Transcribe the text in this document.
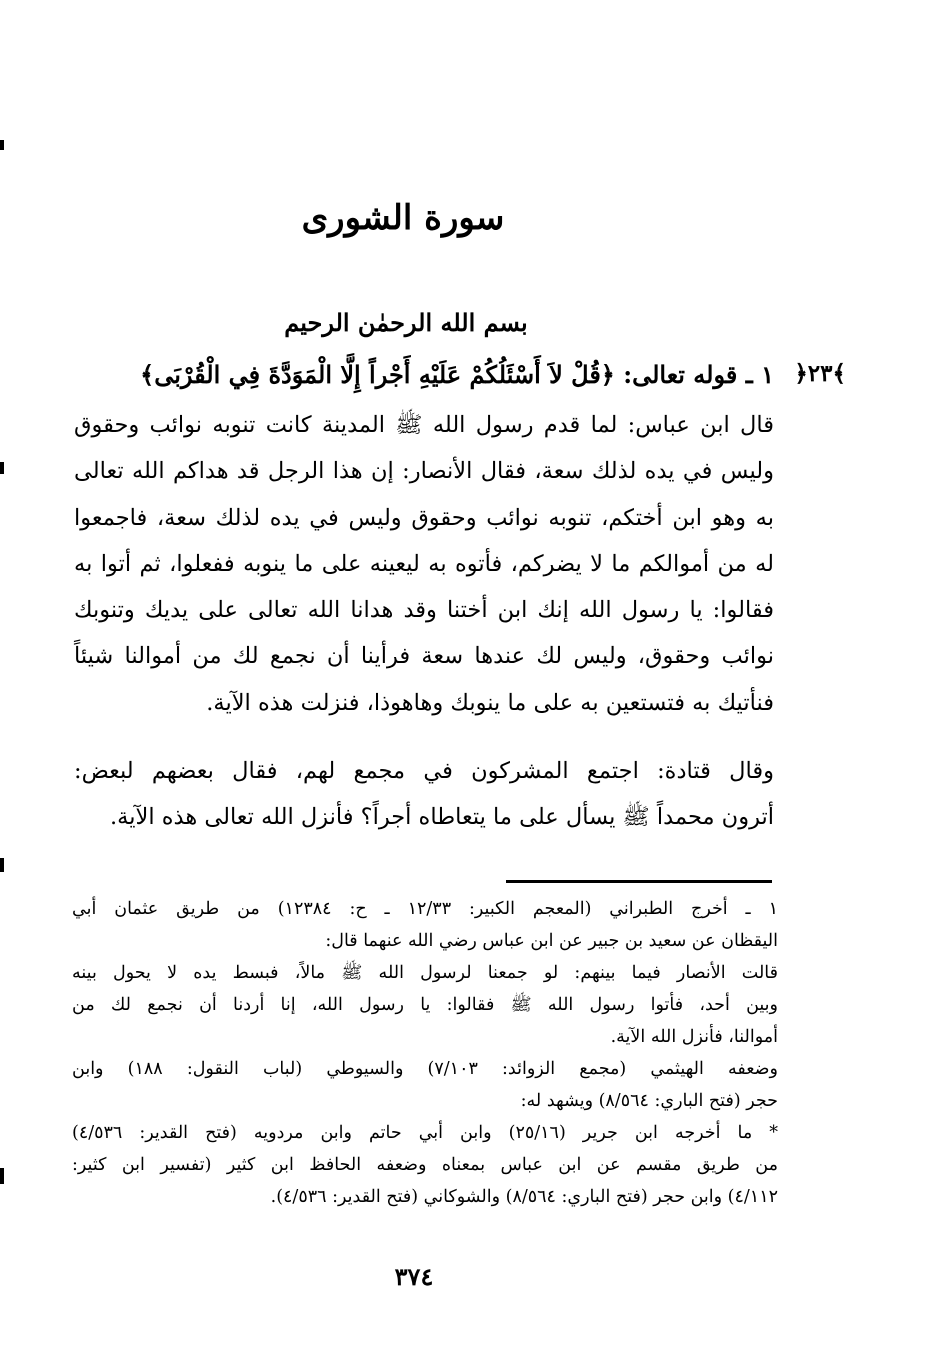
سورة الشورى
بسم الله الرحمٰن الرحيم
﴿٢٣﴾
١ ـ قوله تعالى: ﴿قُلْ لاَ أَسْئَلُكُمْ عَلَيْهِ أَجْراً إِلَّا الْمَوَدَّةَ فِي الْقُرْبَى﴾
قال ابن عباس: لما قدم رسول الله ﷺ المدينة كانت تنوبه نوائب وحقوق
وليس في يده لذلك سعة، فقال الأنصار: إن هذا الرجل قد هداكم الله تعالى
به وهو ابن أختكم، تنوبه نوائب وحقوق وليس في يده لذلك سعة، فاجمعوا
له من أموالكم ما لا يضركم، فأتوه به ليعينه على ما ينوبه ففعلوا، ثم أتوا به
فقالوا: يا رسول الله إنك ابن أختنا وقد هدانا الله تعالى على يديك وتنوبك
نوائب وحقوق، وليس لك عندها سعة فرأينا أن نجمع لك من أموالنا شيئاً
فنأتيك به فتستعين به على ما ينوبك وهاهوذا، فنزلت هذه الآية.
وقال قتادة: اجتمع المشركون في مجمع لهم، فقال بعضهم لبعض:
أترون محمداً ﷺ يسأل على ما يتعاطاه أجراً؟ فأنزل الله تعالى هذه الآية.
١ ـ أخرج الطبراني (المعجم الكبير: ١٢/٣٣ ـ ح: ١٢٣٨٤) من طريق عثمان أبي
اليقظان عن سعيد بن جبير عن ابن عباس رضي الله عنهما قال:
قالت الأنصار فيما بينهم: لو جمعنا لرسول الله ﷺ مالاً، فبسط يده لا يحول بينه
وبين أحد، فأتوا رسول الله ﷺ فقالوا: يا رسول الله، إنا أردنا أن نجمع لك من
أموالنا، فأنزل الله الآية.
وضعفه الهيثمي (مجمع الزوائد: ٧/١٠٣) والسيوطي (لباب النقول: ١٨٨) وابن
حجر (فتح الباري: ٨/٥٦٤) ويشهد له:
* ما أخرجه ابن جرير (٢٥/١٦) وابن أبي حاتم وابن مردويه (فتح القدير: ٤/٥٣٦)
من طريق مقسم عن ابن عباس بمعناه وضعفه الحافظ ابن كثير (تفسير ابن كثير:
٤/١١٢) وابن حجر (فتح الباري: ٨/٥٦٤) والشوكاني (فتح القدير: ٤/٥٣٦).
٣٧٤
